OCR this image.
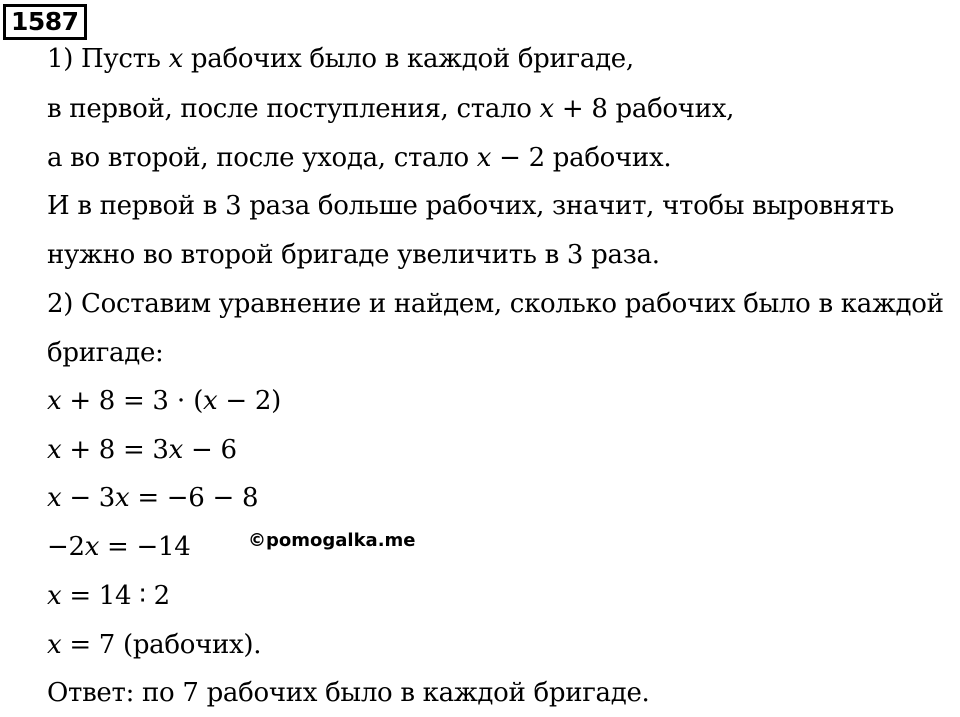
1587
1) Пусть 𝑥 рабочих было в каждой бригаде,
в первой, после поступления, стало 𝑥 + 8 рабочих,
а во второй, после ухода, стало 𝑥 − 2 рабочих.
И в первой в 3 раза больше рабочих, значит, чтобы выровнять
нужно во второй бригаде увеличить в 3 раза.
2) Составим уравнение и найдем, сколько рабочих было в каждой
бригаде:
𝑥 + 8 = 3 ⋅ (𝑥 − 2)
𝑥 + 8 = 3𝑥 − 6
𝑥 − 3𝑥 = −6 − 8
−2𝑥 = −14
𝑥 = 14 ∶ 2
𝑥 = 7 (рабочих).
Ответ: по 7 рабочих было в каждой бригаде.
©pomogalka.me
